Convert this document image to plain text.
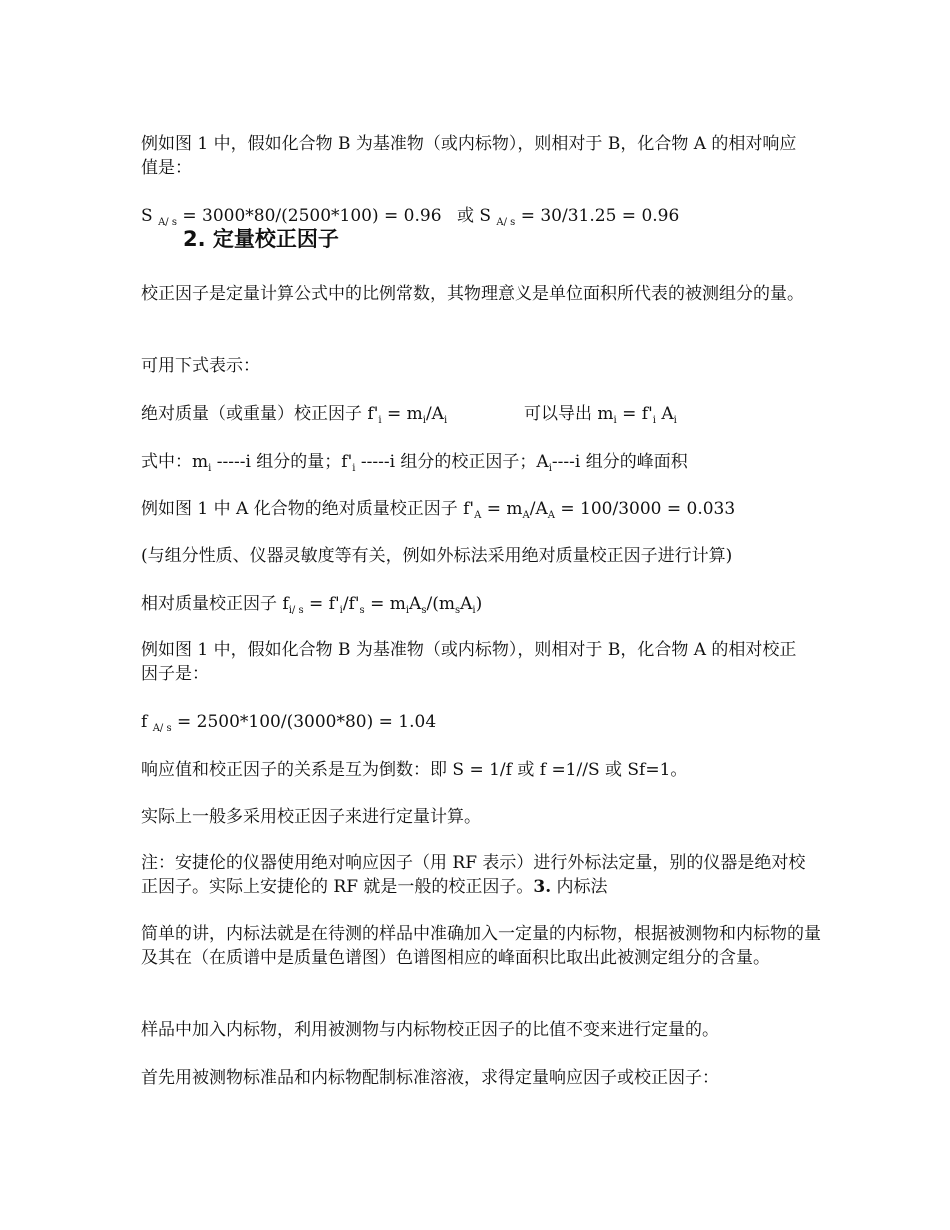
例如图 1 中，假如化合物 B 为基准物（或内标物），则相对于 B，化合物 A 的相对响应值是：
S $_{A/ s}$ = 3000*80/(2500*100) = 0.96 或 S $_{A/ s}$ = 30/31.25 = 0.96
2. 定量校正因子
校正因子是定量计算公式中的比例常数，其物理意义是单位面积所代表的被测组分的量。
可用下式表示：
绝对质量（或重量）校正因子 $f'_i = m_i/A_i$	可以导出 $m_i = f'_i$ $A_i$
式中：$m_i$ -----i 组分的量；$f'_i$ -----i 组分的校正因子；$A_i----i$ 组分的峰面积
例如图 1 中 A 化合物的绝对质量校正因子 $f'_A = m_A/A_A = 100/3000 = 0.033$
(与组分性质、仪器灵敏度等有关，例如外标法采用绝对质量校正因子进行计算)
相对质量校正因子 $f_{i/ s} = f'_i/f'_s = m_iA_s/(m_sA_i)$
例如图 1 中，假如化合物 B 为基准物（或内标物），则相对于 B，化合物 A 的相对校正因子是：
f $_{A/ s}$ = 2500*100/(3000*80) = 1.04
响应值和校正因子的关系是互为倒数：即 S = 1/f 或 f =1//S 或 Sf=1。
实际上一般多采用校正因子来进行定量计算。
注：安捷伦的仪器使用绝对响应因子（用 RF 表示）进行外标法定量，别的仪器是绝对校正因子。实际上安捷伦的 RF 就是一般的校正因子。3. 内标法
简单的讲，内标法就是在待测的样品中准确加入一定量的内标物，根据被测物和内标物的量及其在（在质谱中是质量色谱图）色谱图相应的峰面积比取出此被测定组分的含量。
样品中加入内标物，利用被测物与内标物校正因子的比值不变来进行定量的。
首先用被测物标准品和内标物配制标准溶液，求得定量响应因子或校正因子：
